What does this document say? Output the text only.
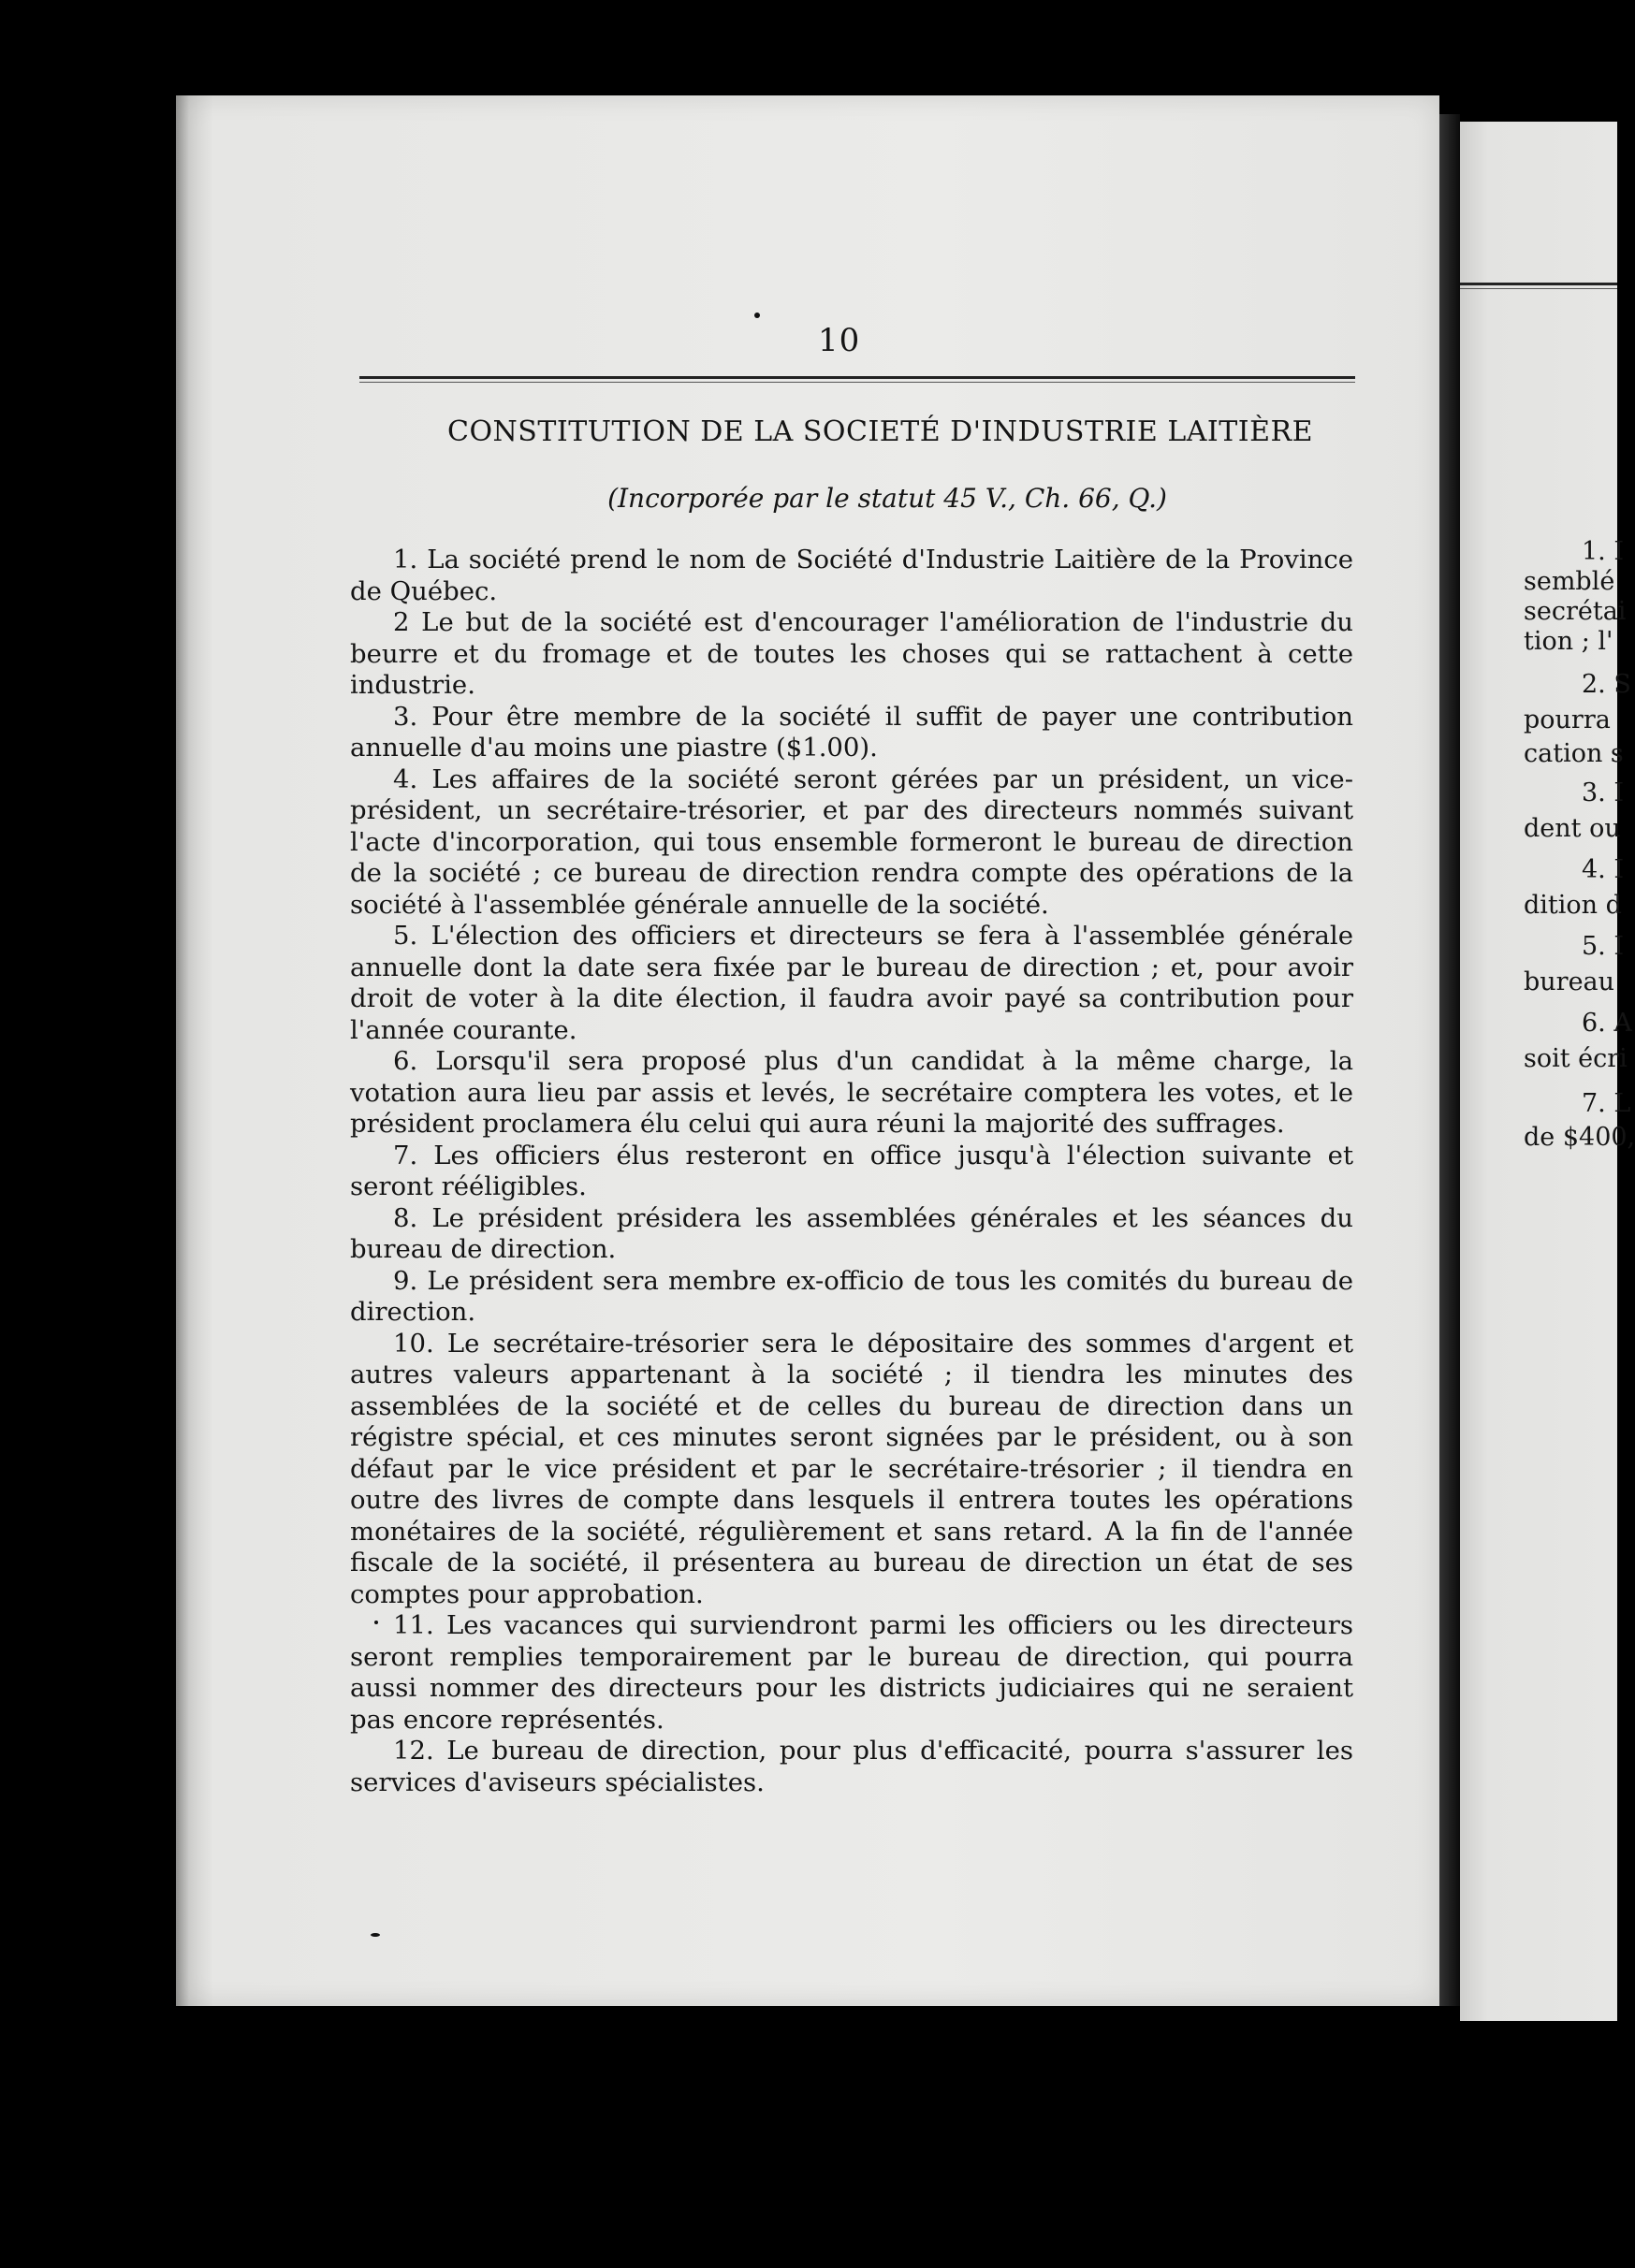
10
CONSTITUTION DE LA SOCIETÉ D'INDUSTRIE LAITIÈRE
(Incorporée par le statut 45 V., Ch. 66, Q.)

1. La société prend le nom de Société d'Industrie Laitière de la Province de Québec.

2 Le but de la société est d'encourager l'amélioration de l'industrie du beurre et du fromage et de toutes les choses qui se rattachent à cette industrie.

3. Pour être membre de la société il suffit de payer une contribution annuelle d'au moins une piastre ($1.00).

4. Les affaires de la société seront gérées par un président, un vice-président, un secrétaire-trésorier, et par des directeurs nommés suivant l'acte d'incorporation, qui tous ensemble formeront le bureau de direction de la société ; ce bureau de direction rendra compte des opérations de la société à l'assemblée générale annuelle de la société.

5. L'élection des officiers et directeurs se fera à l'assemblée générale annuelle dont la date sera fixée par le bureau de direction ; et, pour avoir droit de voter à la dite élection, il faudra avoir payé sa contribution pour l'année courante.

6. Lorsqu'il sera proposé plus d'un candidat à la même charge, la votation aura lieu par assis et levés, le secrétaire comptera les votes, et le président proclamera élu celui qui aura réuni la majorité des suffrages.

7. Les officiers élus resteront en office jusqu'à l'élection suivante et seront rééligibles.

8. Le président présidera les assemblées générales et les séances du bureau de direction.

9. Le président sera membre ex-officio de tous les comités du bureau de direction.

10. Le secrétaire-trésorier sera le dépositaire des sommes d'argent et autres valeurs appartenant à la société ; il tiendra les minutes des assemblées de la société et de celles du bureau de direction dans un régistre spécial, et ces minutes seront signées par le président, ou à son défaut par le vice président et par le secrétaire-trésorier ; il tiendra en outre des livres de compte dans lesquels il entrera toutes les opérations monétaires de la société, régulièrement et sans retard. A la fin de l'année fiscale de la société, il présentera au bureau de direction un état de ses comptes pour approbation.

11. Les vacances qui surviendront parmi les officiers ou les directeurs seront remplies temporairement par le bureau de direction, qui pourra aussi nommer des directeurs pour les districts judiciaires qui ne seraient pas encore représentés.

12. Le bureau de direction, pour plus d'efficacité, pourra s'assurer les services d'aviseurs spécialistes.

1. I
semblé
secrétai
tion ; l'
2. S
pourra
cation s
3. I
dent ou
4. I
dition d
5. I
bureau
6. A
soit écri
7. L
de $400,
